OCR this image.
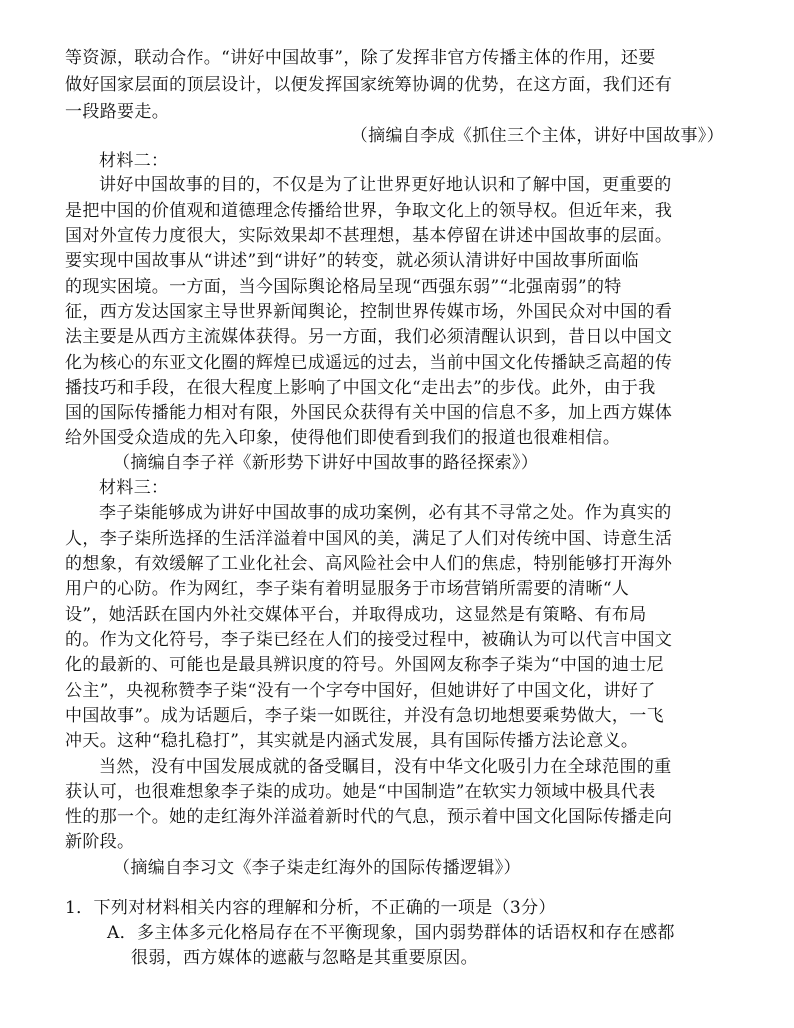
等资源，联动合作。“讲好中国故事”，除了发挥非官方传播主体的作用，还要
做好国家层面的顶层设计，以便发挥国家统筹协调的优势，在这方面，我们还有
一段路要走。
（摘编自李成《抓住三个主体，讲好中国故事》）
材料二：
讲好中国故事的目的，不仅是为了让世界更好地认识和了解中国，更重要的
是把中国的价值观和道德理念传播给世界，争取文化上的领导权。但近年来，我
国对外宣传力度很大，实际效果却不甚理想，基本停留在讲述中国故事的层面。
要实现中国故事从“讲述”到“讲好”的转变，就必须认清讲好中国故事所面临
的现实困境。一方面，当今国际舆论格局呈现“西强东弱”“北强南弱”的特
征，西方发达国家主导世界新闻舆论，控制世界传媒市场，外国民众对中国的看
法主要是从西方主流媒体获得。另一方面，我们必须清醒认识到，昔日以中国文
化为核心的东亚文化圈的辉煌已成遥远的过去，当前中国文化传播缺乏高超的传
播技巧和手段，在很大程度上影响了中国文化“走出去”的步伐。此外，由于我
国的国际传播能力相对有限，外国民众获得有关中国的信息不多，加上西方媒体
给外国受众造成的先入印象，使得他们即使看到我们的报道也很难相信。
（摘编自李子祥《新形势下讲好中国故事的路径探索》）
材料三：
李子柒能够成为讲好中国故事的成功案例，必有其不寻常之处。作为真实的
人，李子柒所选择的生活洋溢着中国风的美，满足了人们对传统中国、诗意生活
的想象，有效缓解了工业化社会、高风险社会中人们的焦虑，特别能够打开海外
用户的心防。作为网红，李子柒有着明显服务于市场营销所需要的清晰“人
设”，她活跃在国内外社交媒体平台，并取得成功，这显然是有策略、有布局
的。作为文化符号，李子柒已经在人们的接受过程中，被确认为可以代言中国文
化的最新的、可能也是最具辨识度的符号。外国网友称李子柒为“中国的迪士尼
公主”，央视称赞李子柒“没有一个字夸中国好，但她讲好了中国文化，讲好了
中国故事”。成为话题后，李子柒一如既往，并没有急切地想要乘势做大，一飞
冲天。这种“稳扎稳打”，其实就是内涵式发展，具有国际传播方法论意义。
当然，没有中国发展成就的备受瞩目，没有中华文化吸引力在全球范围的重
获认可，也很难想象李子柒的成功。她是“中国制造”在软实力领域中极具代表
性的那一个。她的走红海外洋溢着新时代的气息，预示着中国文化国际传播走向
新阶段。
（摘编自李习文《李子柒走红海外的国际传播逻辑》）
1．下列对材料相关内容的理解和分析，不正确的一项是（3分）
A．多主体多元化格局存在不平衡现象，国内弱势群体的话语权和存在感都
很弱，西方媒体的遮蔽与忽略是其重要原因。
